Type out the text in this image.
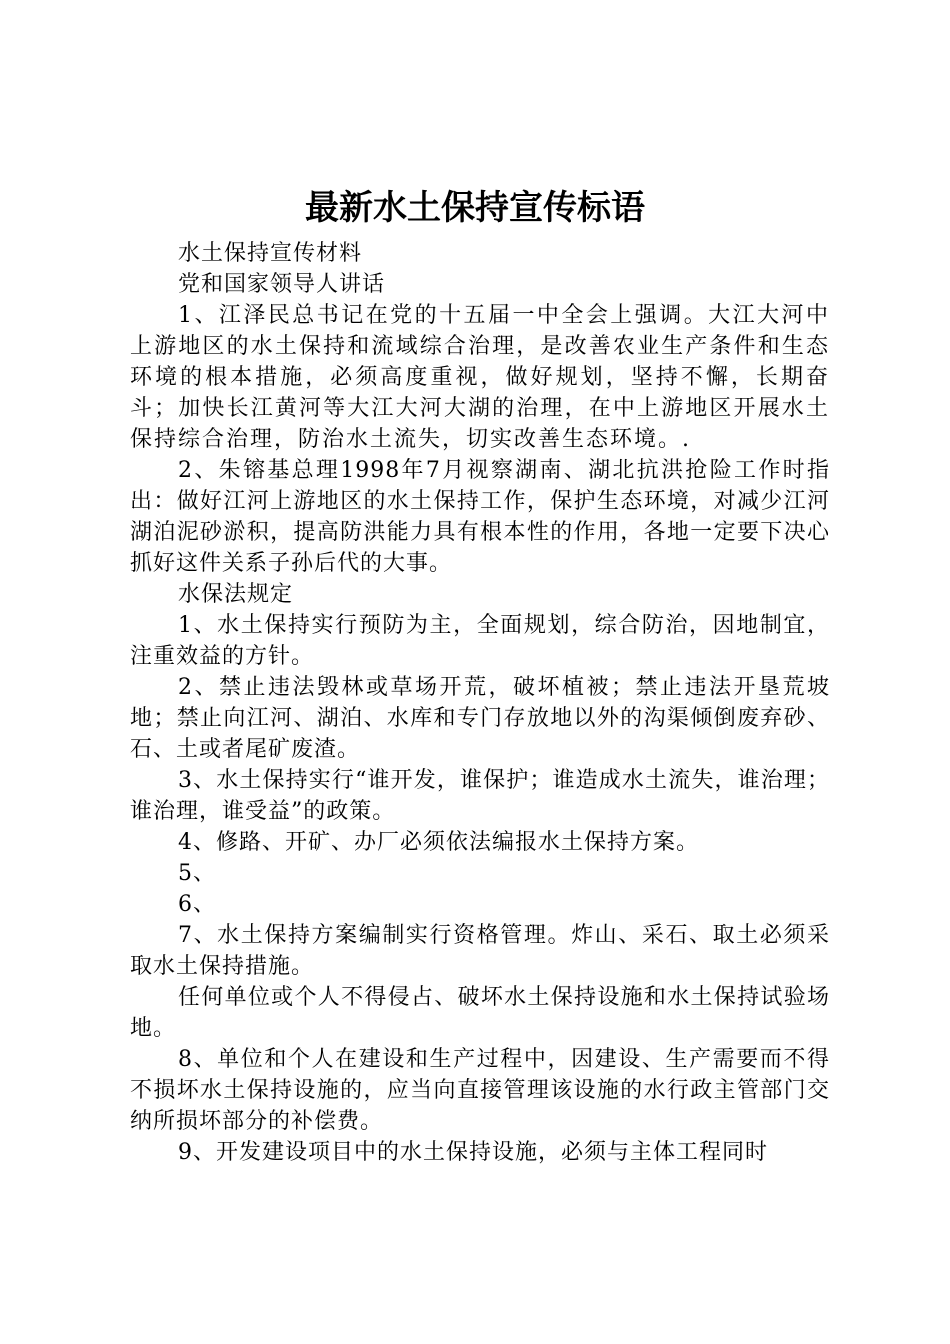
最新水土保持宣传标语

水土保持宣传材料

党和国家领导人讲话

1、江泽民总书记在党的十五届一中全会上强调。大江大河中上游地区的水土保持和流域综合治理，是改善农业生产条件和生态环境的根本措施，必须高度重视，做好规划，坚持不懈，长期奋斗；加快长江黄河等大江大河大湖的治理，在中上游地区开展水土保持综合治理，防治水土流失，切实改善生态环境。.

2、朱镕基总理1998年7月视察湖南、湖北抗洪抢险工作时指出：做好江河上游地区的水土保持工作，保护生态环境，对减少江河湖泊泥砂淤积，提高防洪能力具有根本性的作用，各地一定要下决心抓好这件关系子孙后代的大事。

水保法规定

1、水土保持实行预防为主，全面规划，综合防治，因地制宜，注重效益的方针。

2、禁止违法毁林或草场开荒，破坏植被；禁止违法开垦荒坡地；禁止向江河、湖泊、水库和专门存放地以外的沟渠倾倒废弃砂、石、土或者尾矿废渣。

3、水土保持实行“谁开发，谁保护；谁造成水土流失，谁治理；谁治理，谁受益”的政策。

4、修路、开矿、办厂必须依法编报水土保持方案。

5、

6、

7、水土保持方案编制实行资格管理。炸山、采石、取土必须采取水土保持措施。

任何单位或个人不得侵占、破坏水土保持设施和水土保持试验场地。

8、单位和个人在建设和生产过程中，因建设、生产需要而不得不损坏水土保持设施的，应当向直接管理该设施的水行政主管部门交纳所损坏部分的补偿费。

9、开发建设项目中的水土保持设施，必须与主体工程同时
